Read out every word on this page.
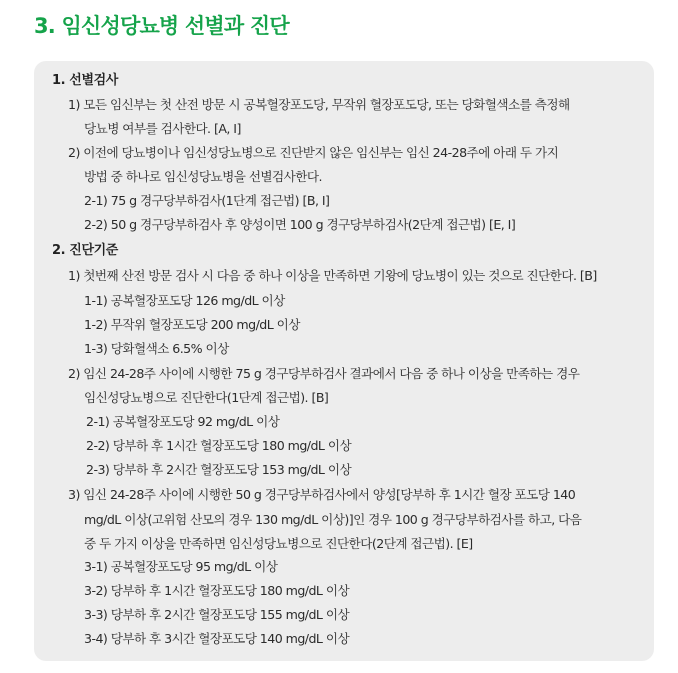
3. 임신성당뇨병 선별과 진단
1. 선별검사
1) 모든 임신부는 첫 산전 방문 시 공복혈장포도당, 무작위 혈장포도당, 또는 당화혈색소를 측정해
당뇨병 여부를 검사한다. [A, I]
2) 이전에 당뇨병이나 임신성당뇨병으로 진단받지 않은 임신부는 임신 24-28주에 아래 두 가지
방법 중 하나로 임신성당뇨병을 선별검사한다.
2-1) 75 g 경구당부하검사(1단계 접근법) [B, I]
2-2) 50 g 경구당부하검사 후 양성이면 100 g 경구당부하검사(2단계 접근법) [E, I]
2. 진단기준
1) 첫번째 산전 방문 검사 시 다음 중 하나 이상을 만족하면 기왕에 당뇨병이 있는 것으로 진단한다. [B]
1-1) 공복혈장포도당 126 mg/dL 이상
1-2) 무작위 혈장포도당 200 mg/dL 이상
1-3) 당화혈색소 6.5% 이상
2) 임신 24-28주 사이에 시행한 75 g 경구당부하검사 결과에서 다음 중 하나 이상을 만족하는 경우
임신성당뇨병으로 진단한다(1단계 접근법). [B]
2-1) 공복혈장포도당 92 mg/dL 이상
2-2) 당부하 후 1시간 혈장포도당 180 mg/dL 이상
2-3) 당부하 후 2시간 혈장포도당 153 mg/dL 이상
3) 임신 24-28주 사이에 시행한 50 g 경구당부하검사에서 양성[당부하 후 1시간 혈장 포도당 140
mg/dL 이상(고위험 산모의 경우 130 mg/dL 이상)]인 경우 100 g 경구당부하검사를 하고, 다음
중 두 가지 이상을 만족하면 임신성당뇨병으로 진단한다(2단계 접근법). [E]
3-1) 공복혈장포도당 95 mg/dL 이상
3-2) 당부하 후 1시간 혈장포도당 180 mg/dL 이상
3-3) 당부하 후 2시간 혈장포도당 155 mg/dL 이상
3-4) 당부하 후 3시간 혈장포도당 140 mg/dL 이상
